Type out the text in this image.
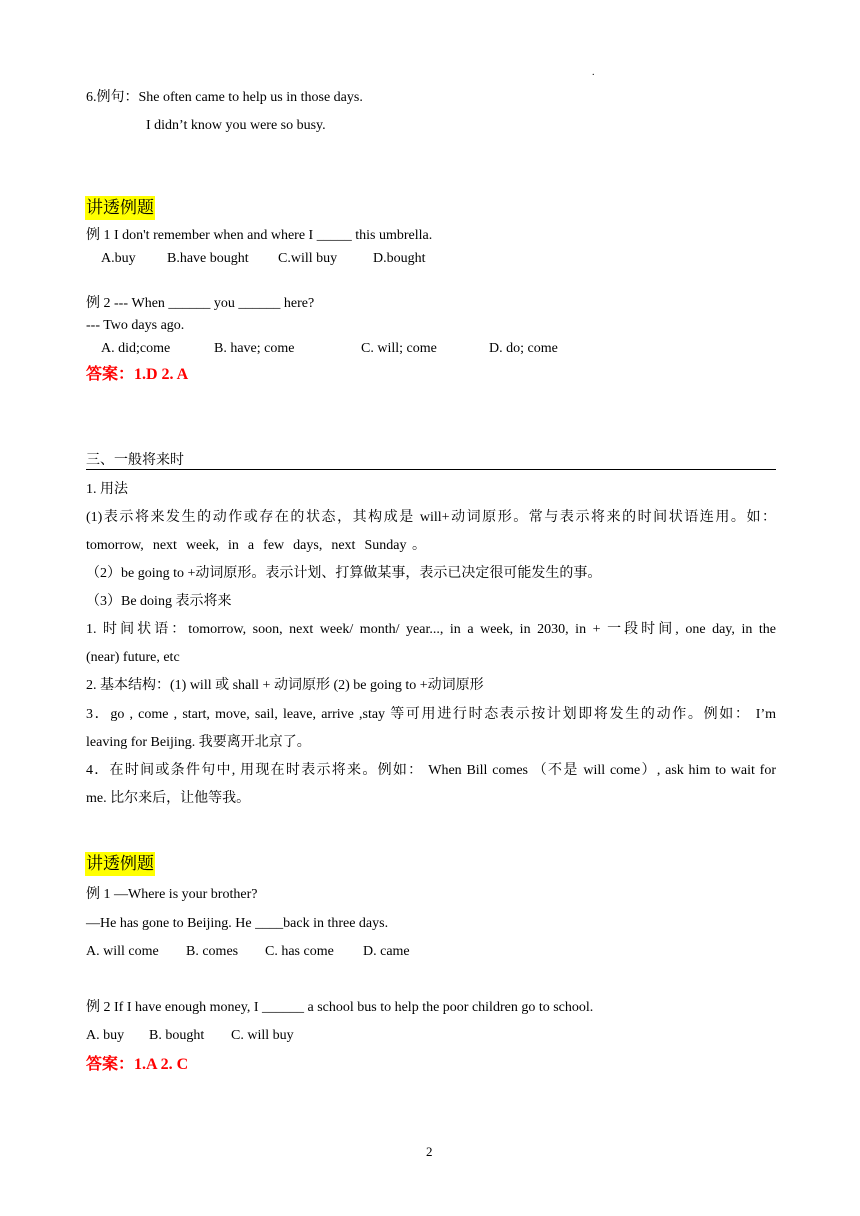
.
6.例句：She often came to help us in those days.
I didn’t know you were so busy.
讲透例题
例 1 I don't remember when and where I _____ this umbrella.
A.buy B.have bought C.will buy	D.bought
例 2 --- When ______ you ______ here?
--- Two days ago.
A. did;come	B. have; come	C. will; come	D. do; come
答案：1.D 2. A
三、一般将来时
1. 用法
(1)表示将来发生的动作或存在的状态，其构成是 will+动词原形。常与表示将来的时间状语连用。如：
tomorrow, next week, in a few days, next Sunday。
（2）be going to +动词原形。表示计划、打算做某事，表示已决定很可能发生的事。
（3）Be doing 表示将来
1. 时间状语：tomorrow, soon, next week/ month/ year..., in a week, in 2030, in + 一段时间, one day, in the
(near) future, etc
2. 基本结构：(1) will 或 shall + 动词原形 (2) be going to +动词原形
3．go , come , start, move, sail, leave, arrive ,stay 等可用进行时态表示按计划即将发生的动作。例如： I’m
leaving for Beijing. 我要离开北京了。
4．在时间或条件句中, 用现在时表示将来。例如： When Bill comes （不是 will come）, ask him to wait for
me. 比尔来后，让他等我。
讲透例题
例 1 —Where is your brother?
—He has gone to Beijing. He ____back in three days.
A. will come B. comes C. has come D. came
例 2 If I have enough money, I ______ a school bus to help the poor children go to school.
A. buy B. bought C. will buy
答案：1.A 2. C
2
